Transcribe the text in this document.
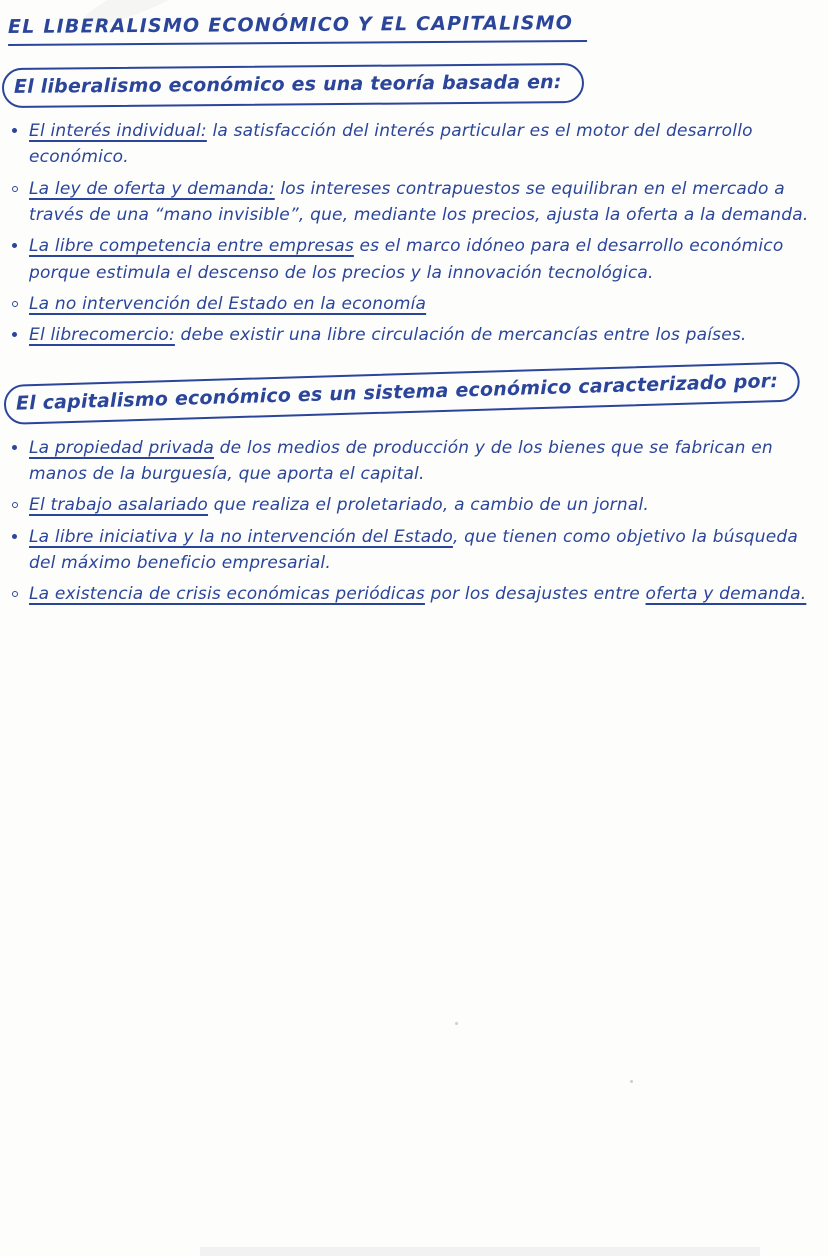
EL LIBERALISMO ECONÓMICO Y EL CAPITALISMO
El liberalismo económico es una teoría basada en:
El interés individual: la satisfacción del interés particular es el motor del desarrollo económico.
La ley de oferta y demanda: los intereses contrapuestos se equilibran en el mercado a través de una “mano invisible”, que, mediante los precios, ajusta la oferta a la demanda.
La libre competencia entre empresas es el marco idóneo para el desarrollo económico porque estimula el descenso de los precios y la innovación tecnológica.
La no intervención del Estado en la economía
El librecomercio: debe existir una libre circulación de mercancías entre los países.
El capitalismo económico es un sistema económico caracterizado por:
La propiedad privada de los medios de producción y de los bienes que se fabrican en manos de la burguesía, que aporta el capital.
El trabajo asalariado que realiza el proletariado, a cambio de un jornal.
La libre iniciativa y la no intervención del Estado, que tienen como objetivo la búsqueda del máximo beneficio empresarial.
La existencia de crisis económicas periódicas por los desajustes entre oferta y demanda.
